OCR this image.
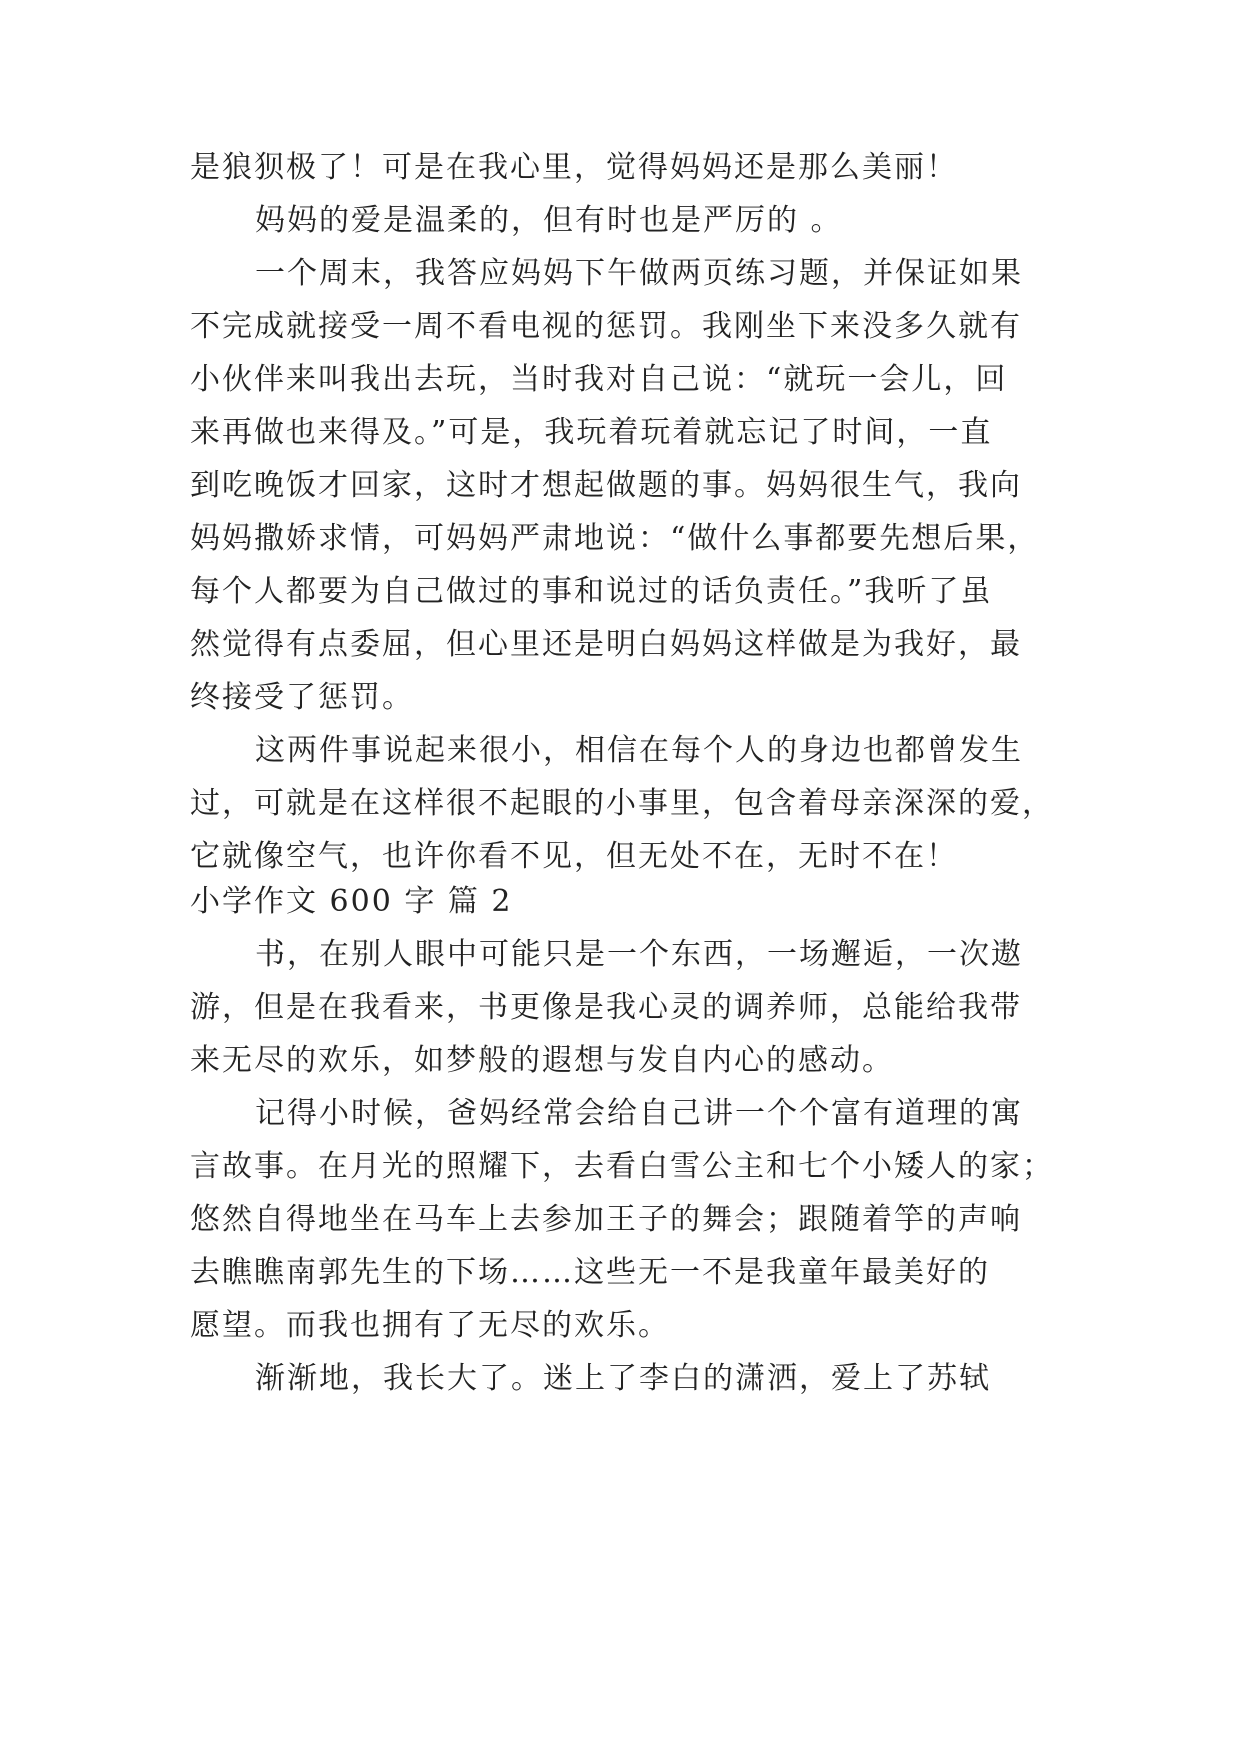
是狼狈极了！可是在我心里，觉得妈妈还是那么美丽！
妈妈的爱是温柔的，但有时也是严厉的 。
一个周末，我答应妈妈下午做两页练习题，并保证如果
不完成就接受一周不看电视的惩罚。我刚坐下来没多久就有
小伙伴来叫我出去玩，当时我对自己说：“就玩一会儿，回
来再做也来得及。”可是，我玩着玩着就忘记了时间，一直
到吃晚饭才回家，这时才想起做题的事。妈妈很生气，我向
妈妈撒娇求情，可妈妈严肃地说：“做什么事都要先想后果，
每个人都要为自己做过的事和说过的话负责任。”我听了虽
然觉得有点委屈，但心里还是明白妈妈这样做是为我好，最
终接受了惩罚。
这两件事说起来很小，相信在每个人的身边也都曾发生
过，可就是在这样很不起眼的小事里，包含着母亲深深的爱，
它就像空气，也许你看不见，但无处不在，无时不在！
小学作文 600 字 篇 2
书，在别人眼中可能只是一个东西，一场邂逅，一次遨
游，但是在我看来，书更像是我心灵的调养师，总能给我带
来无尽的欢乐，如梦般的遐想与发自内心的感动。
记得小时候，爸妈经常会给自己讲一个个富有道理的寓
言故事。在月光的照耀下，去看白雪公主和七个小矮人的家；
悠然自得地坐在马车上去参加王子的舞会；跟随着竽的声响
去瞧瞧南郭先生的下场……这些无一不是我童年最美好的
愿望。而我也拥有了无尽的欢乐。
渐渐地，我长大了。迷上了李白的潇洒，爱上了苏轼
